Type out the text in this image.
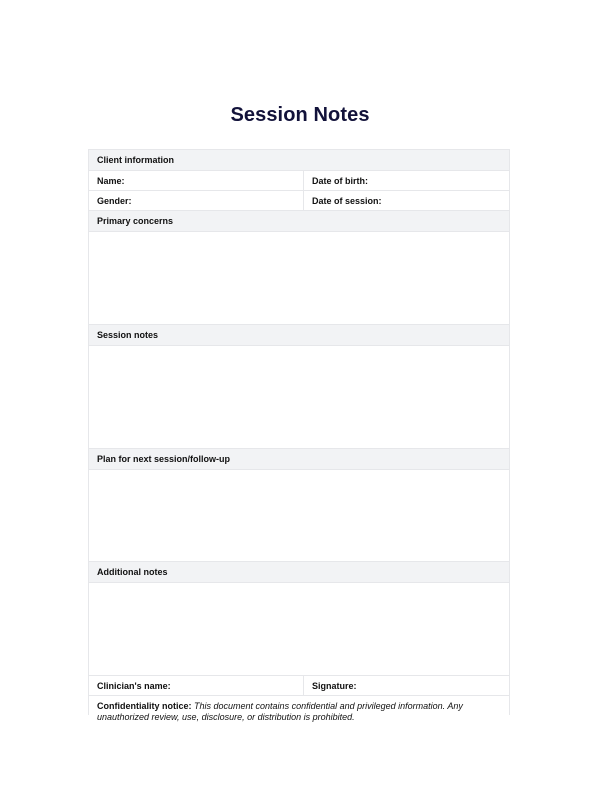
Session Notes
Client information
Name:	Date of birth:
Gender:	Date of session:
Primary concerns
Session notes
Plan for next session/follow-up
Additional notes
Clinician's name:	Signature:
Confidentiality notice: This document contains confidential and privileged information. Any unauthorized review, use, disclosure, or distribution is prohibited.
